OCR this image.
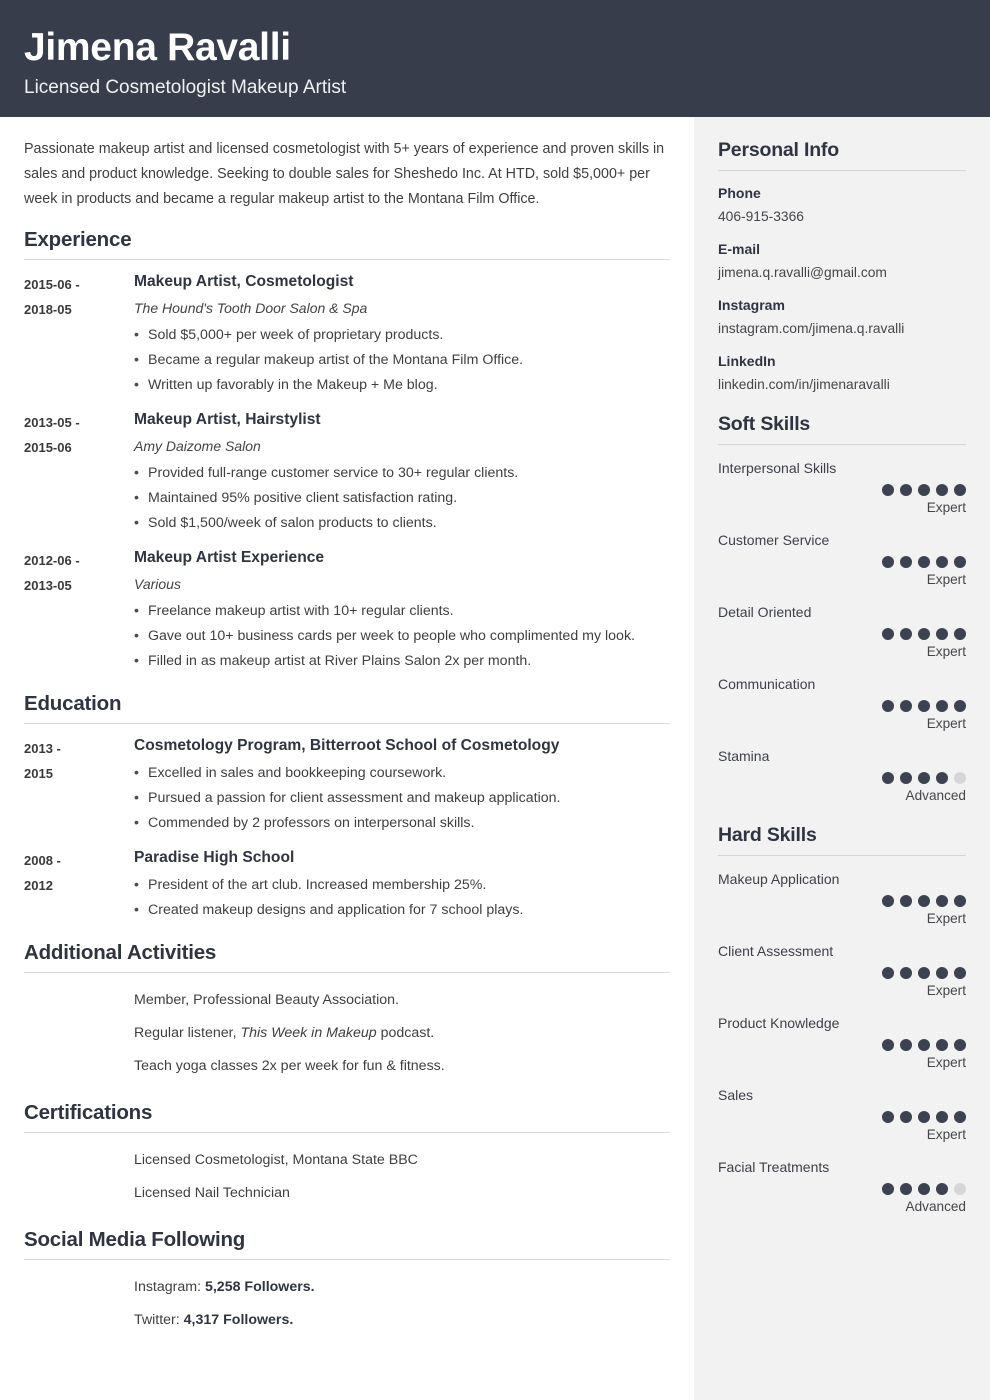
Jimena Ravalli
Licensed Cosmetologist Makeup Artist
Passionate makeup artist and licensed cosmetologist with 5+ years of experience and proven skills in sales and product knowledge. Seeking to double sales for Sheshedo Inc. At HTD, sold $5,000+ per week in products and became a regular makeup artist to the Montana Film Office.
Experience
2015-06 -
2018-05
Makeup Artist, Cosmetologist
The Hound's Tooth Door Salon & Spa
• Sold $5,000+ per week of proprietary products.
• Became a regular makeup artist of the Montana Film Office.
• Written up favorably in the Makeup + Me blog.
2013-05 -
2015-06
Makeup Artist, Hairstylist
Amy Daizome Salon
• Provided full-range customer service to 30+ regular clients.
• Maintained 95% positive client satisfaction rating.
• Sold $1,500/week of salon products to clients.
2012-06 -
2013-05
Makeup Artist Experience
Various
• Freelance makeup artist with 10+ regular clients.
• Gave out 10+ business cards per week to people who complimented my look.
• Filled in as makeup artist at River Plains Salon 2x per month.
Education
2013 -
2015
Cosmetology Program, Bitterroot School of Cosmetology
• Excelled in sales and bookkeeping coursework.
• Pursued a passion for client assessment and makeup application.
• Commended by 2 professors on interpersonal skills.
2008 -
2012
Paradise High School
• President of the art club. Increased membership 25%.
• Created makeup designs and application for 7 school plays.
Additional Activities
Member, Professional Beauty Association.
Regular listener, This Week in Makeup podcast.
Teach yoga classes 2x per week for fun & fitness.
Certifications
Licensed Cosmetologist, Montana State BBC
Licensed Nail Technician
Social Media Following
Instagram: 5,258 Followers.
Twitter: 4,317 Followers.
Personal Info
Phone
406-915-3366
E-mail
jimena.q.ravalli@gmail.com
Instagram
instagram.com/jimena.q.ravalli
LinkedIn
linkedin.com/in/jimenaravalli
Soft Skills
Interpersonal Skills
Expert
Customer Service
Expert
Detail Oriented
Expert
Communication
Expert
Stamina
Advanced
Hard Skills
Makeup Application
Expert
Client Assessment
Expert
Product Knowledge
Expert
Sales
Expert
Facial Treatments
Advanced
